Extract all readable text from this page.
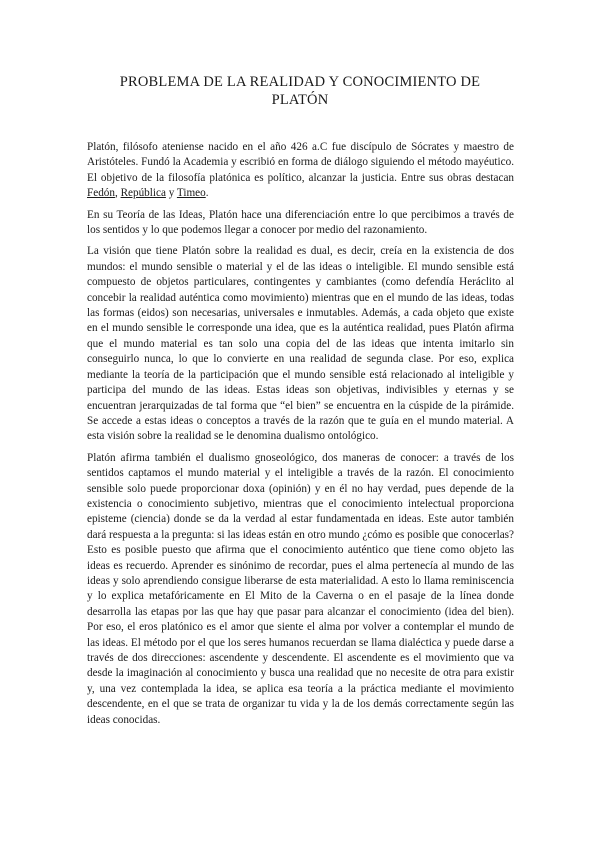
PROBLEMA DE LA REALIDAD Y CONOCIMIENTO DE PLATÓN

Platón, filósofo ateniense nacido en el año 426 a.C fue discípulo de Sócrates y maestro de Aristóteles. Fundó la Academia y escribió en forma de diálogo siguiendo el método mayéutico. El objetivo de la filosofía platónica es político, alcanzar la justicia. Entre sus obras destacan Fedón, República y Timeo.

En su Teoría de las Ideas, Platón hace una diferenciación entre lo que percibimos a través de los sentidos y lo que podemos llegar a conocer por medio del razonamiento.

La visión que tiene Platón sobre la realidad es dual, es decir, creía en la existencia de dos mundos: el mundo sensible o material y el de las ideas o inteligible. El mundo sensible está compuesto de objetos particulares, contingentes y cambiantes (como defendía Heráclito al concebir la realidad auténtica como movimiento) mientras que en el mundo de las ideas, todas las formas (eidos) son necesarias, universales e inmutables. Además, a cada objeto que existe en el mundo sensible le corresponde una idea, que es la auténtica realidad, pues Platón afirma que el mundo material es tan solo una copia del de las ideas que intenta imitarlo sin conseguirlo nunca, lo que lo convierte en una realidad de segunda clase. Por eso, explica mediante la teoría de la participación que el mundo sensible está relacionado al inteligible y participa del mundo de las ideas. Estas ideas son objetivas, indivisibles y eternas y se encuentran jerarquizadas de tal forma que “el bien” se encuentra en la cúspide de la pirámide. Se accede a estas ideas o conceptos a través de la razón que te guía en el mundo material. A esta visión sobre la realidad se le denomina dualismo ontológico.

Platón afirma también el dualismo gnoseológico, dos maneras de conocer: a través de los sentidos captamos el mundo material y el inteligible a través de la razón. El conocimiento sensible solo puede proporcionar doxa (opinión) y en él no hay verdad, pues depende de la existencia o conocimiento subjetivo, mientras que el conocimiento intelectual proporciona episteme (ciencia) donde se da la verdad al estar fundamentada en ideas. Este autor también dará respuesta a la pregunta: si las ideas están en otro mundo ¿cómo es posible que conocerlas? Esto es posible puesto que afirma que el conocimiento auténtico que tiene como objeto las ideas es recuerdo. Aprender es sinónimo de recordar, pues el alma pertenecía al mundo de las ideas y solo aprendiendo consigue liberarse de esta materialidad. A esto lo llama reminiscencia y lo explica metafóricamente en El Mito de la Caverna o en el pasaje de la línea donde desarrolla las etapas por las que hay que pasar para alcanzar el conocimiento (idea del bien). Por eso, el eros platónico es el amor que siente el alma por volver a contemplar el mundo de las ideas. El método por el que los seres humanos recuerdan se llama dialéctica y puede darse a través de dos direcciones: ascendente y descendente. El ascendente es el movimiento que va desde la imaginación al conocimiento y busca una realidad que no necesite de otra para existir y, una vez contemplada la idea, se aplica esa teoría a la práctica mediante el movimiento descendente, en el que se trata de organizar tu vida y la de los demás correctamente según las ideas conocidas.
